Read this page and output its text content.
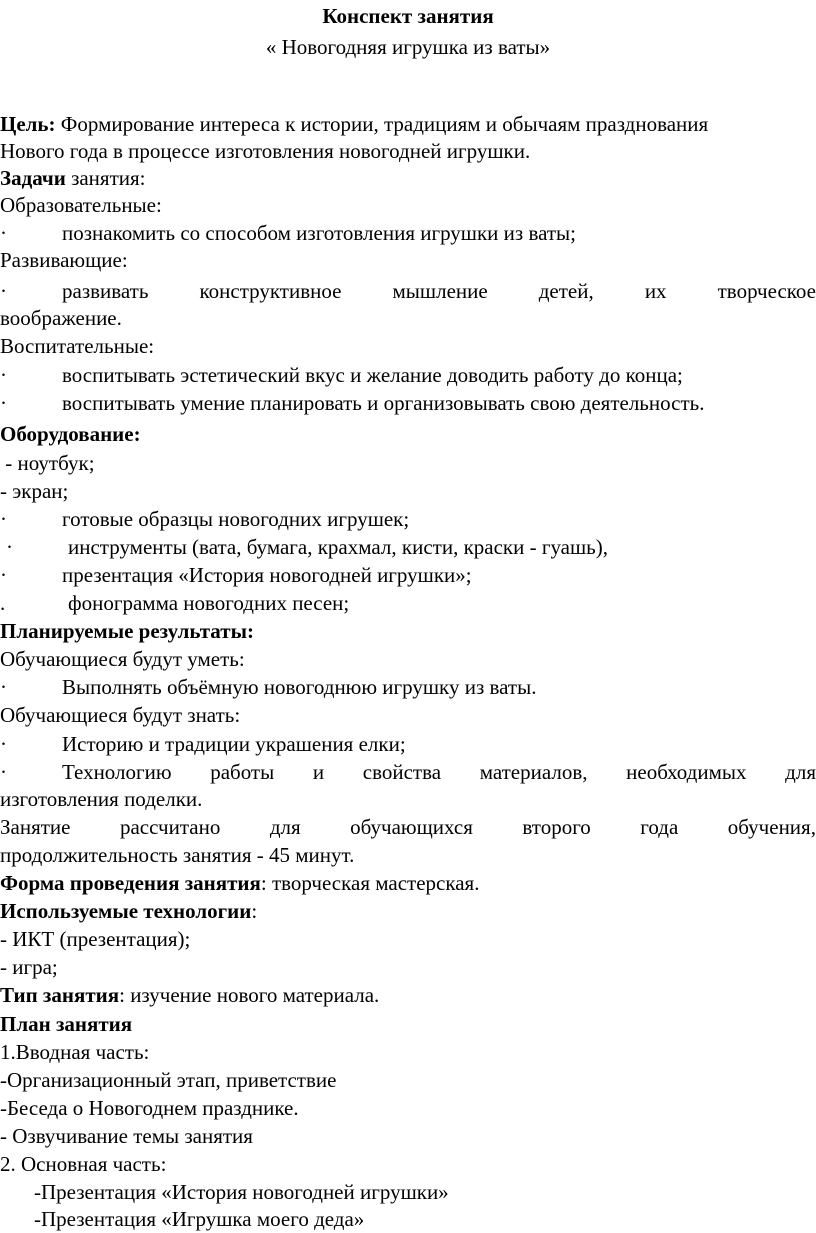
Конспект занятия
« Новогодняя игрушка из ваты»
Цель: Формирование интереса к истории, традициям и обычаям празднования
Нового года в процессе изготовления новогодней игрушки.
Задачи занятия:
Образовательные:
·	познакомить со способом изготовления игрушки из ваты;
Развивающие:
·	развивать конструктивное мышление детей, их творческое
воображение.
Воспитательные:
·	воспитывать эстетический вкус и желание доводить работу до конца;
·	воспитывать умение планировать и организовывать свою деятельность.
Оборудование:
- ноутбук;
- экран;
·	готовые образцы новогодних игрушек;
·	инструменты (вата, бумага, крахмал, кисти, краски - гуашь),
·	презентация «История новогодней игрушки»;
.	фонограмма новогодних песен;
Планируемые результаты:
Обучающиеся будут уметь:
·	Выполнять объёмную новогоднюю игрушку из ваты.
Обучающиеся будут знать:
·	Историю и традиции украшения елки;
·	Технологию работы и свойства материалов, необходимых для
изготовления поделки.
Занятие рассчитано для обучающихся второго года обучения,
продолжительность занятия - 45 минут.
Форма проведения занятия: творческая мастерская.
Используемые технологии:
- ИКТ (презентация);
- игра;
Тип занятия: изучение нового материала.
План занятия
1.Вводная часть:
-Организационный этап, приветствие
-Беседа о Новогоднем празднике.
- Озвучивание темы занятия
2. Основная часть:
-Презентация «История новогодней игрушки»
-Презентация «Игрушка моего деда»
